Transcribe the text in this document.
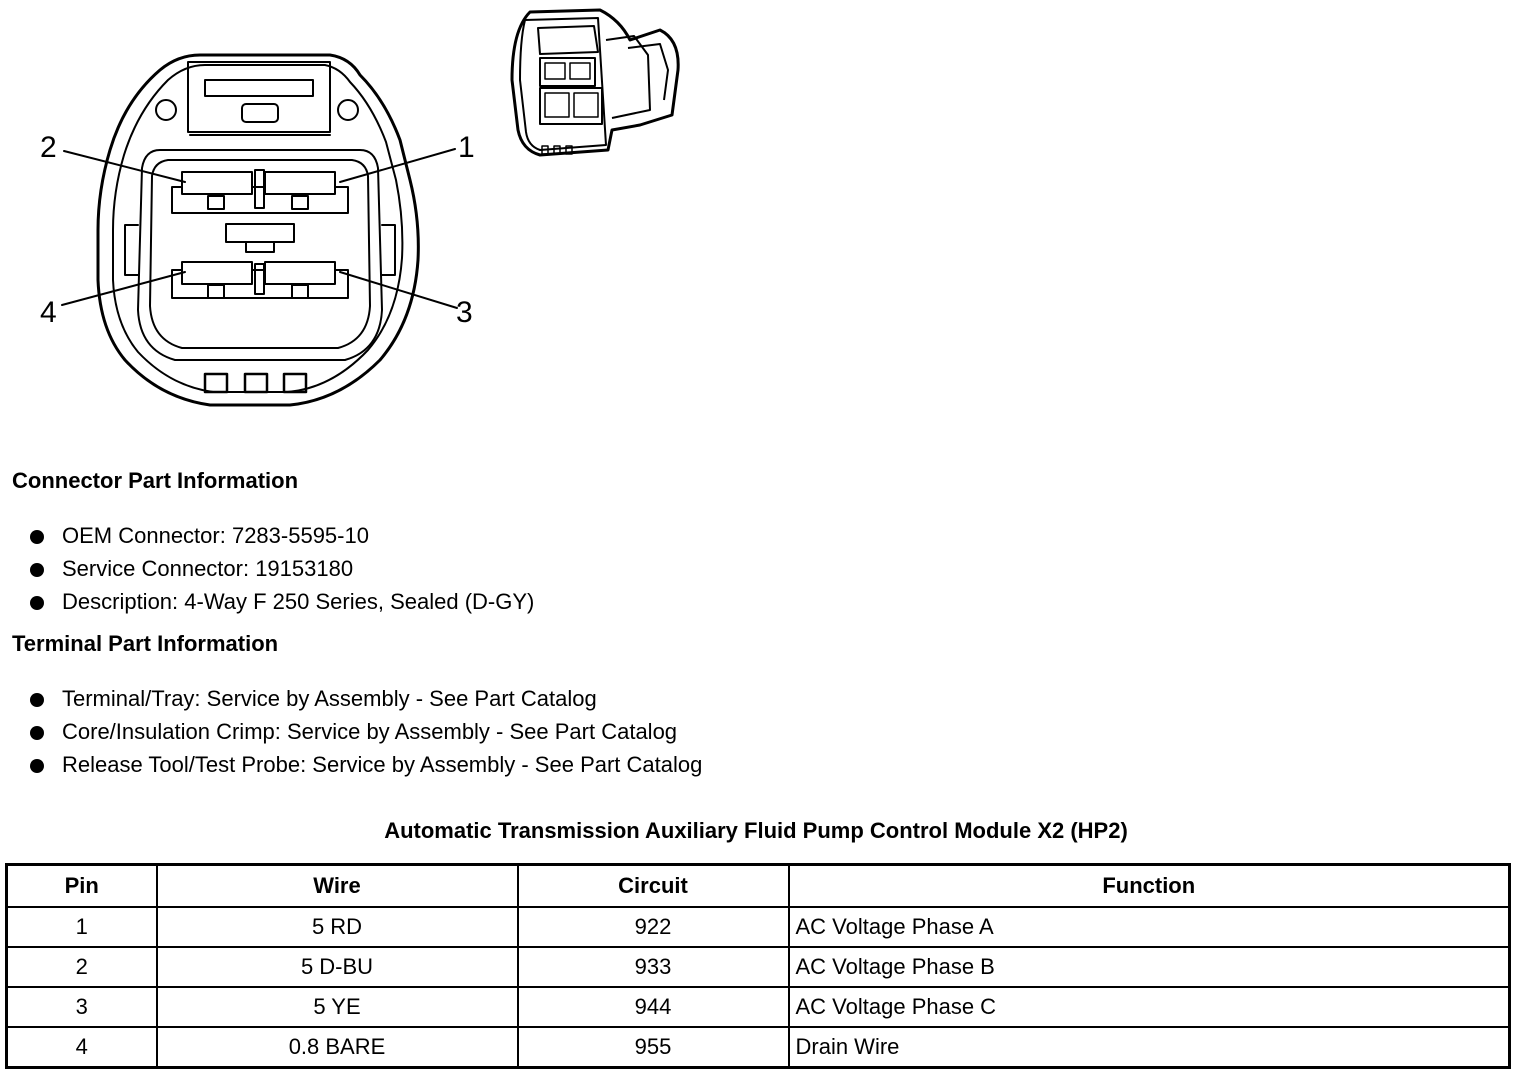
2	1
4	3
Connector Part Information
OEM Connector: 7283-5595-10
Service Connector: 19153180
Description: 4-Way F 250 Series, Sealed (D-GY)
Terminal Part Information
Terminal/Tray: Service by Assembly - See Part Catalog
Core/Insulation Crimp: Service by Assembly - See Part Catalog
Release Tool/Test Probe: Service by Assembly - See Part Catalog
Automatic Transmission Auxiliary Fluid Pump Control Module X2 (HP2)
Pin	Wire	Circuit	Function
1	5 RD	922	AC Voltage Phase A
2	5 D-BU	933	AC Voltage Phase B
3	5 YE	944	AC Voltage Phase C
4	0.8 BARE	955	Drain Wire
